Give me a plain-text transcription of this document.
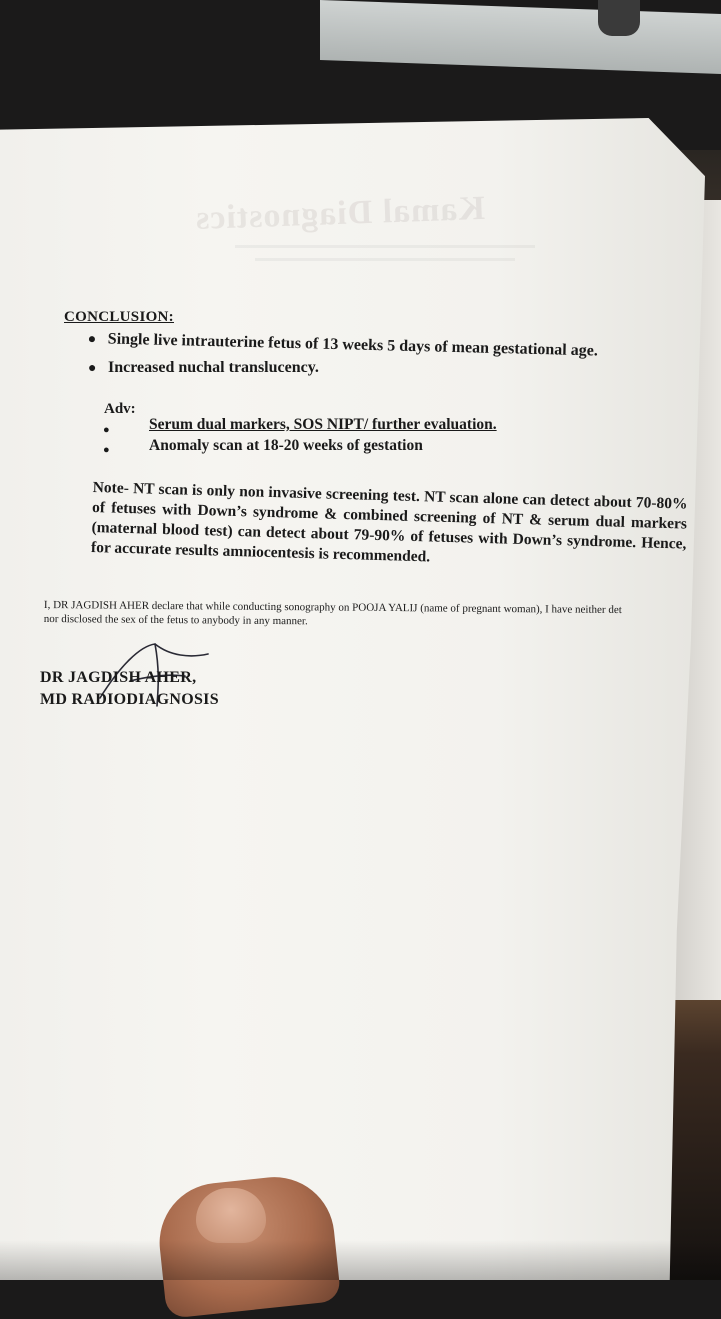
Kamal Diagnostics
CONCLUSION:
● Single live intrauterine fetus of 13 weeks 5 days of mean gestational age.
● Increased nuchal translucency.
Adv:
●	Serum dual markers, SOS NIPT/ further evaluation.
●	Anomaly scan at 18-20 weeks of gestation
Note- NT scan is only non invasive screening test. NT scan alone can detect about 70-80% of fetuses with Down’s syndrome & combined screening of NT & serum dual markers (maternal blood test) can detect about 79-90% of fetuses with Down’s syndrome. Hence, for accurate results amniocentesis is recommended.
I, DR JAGDISH AHER declare that while conducting sonography on POOJA YALIJ (name of pregnant woman), I have neither det
nor disclosed the sex of the fetus to anybody in any manner.
DR JAGDISH AHER,
MD RADIODIAGNOSIS
